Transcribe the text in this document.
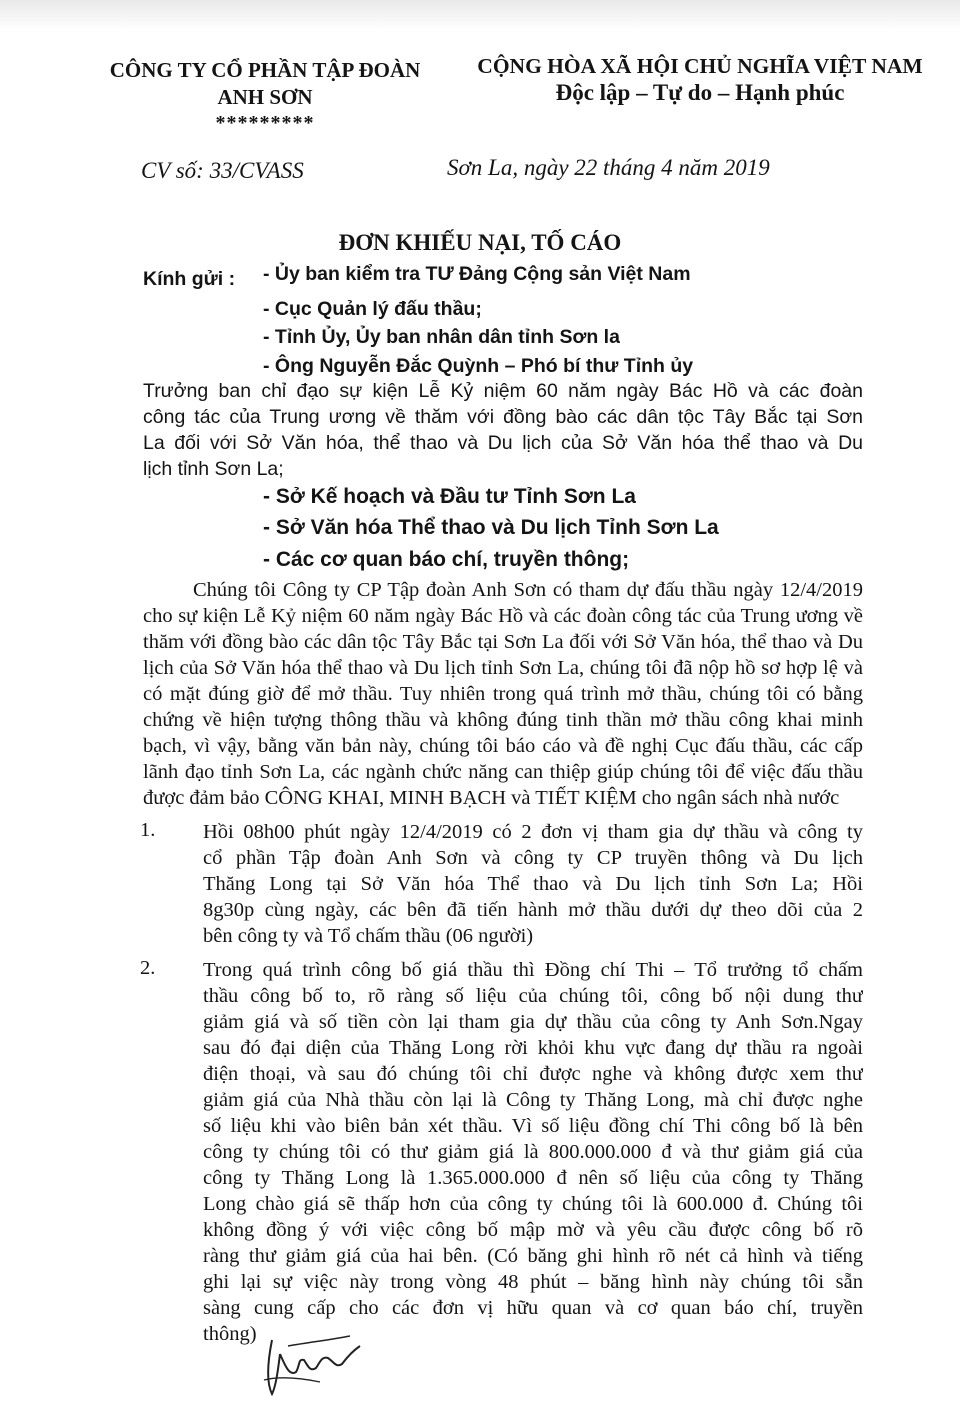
CÔNG TY CỔ PHẦN TẬP ĐOÀN
ANH SƠN
*********
CỘNG HÒA XÃ HỘI CHỦ NGHĨA VIỆT NAM
Độc lập – Tự do – Hạnh phúc
CV số: 33/CVASS	Sơn La, ngày 22 tháng 4 năm 2019
ĐƠN KHIẾU NẠI, TỐ CÁO
Kính gửi : - Ủy ban kiểm tra TƯ Đảng Cộng sản Việt Nam
- Cục Quản lý đấu thầu;
- Tỉnh Ủy, Ủy ban nhân dân tỉnh Sơn la
- Ông Nguyễn Đắc Quỳnh – Phó bí thư Tỉnh ủy
Trưởng ban chỉ đạo sự kiện Lễ Kỷ niệm 60 năm ngày Bác Hồ và các đoàn
công tác của Trung ương về thăm với đồng bào các dân tộc Tây Bắc tại Sơn
La đối với Sở Văn hóa, thể thao và Du lịch của Sở Văn hóa thể thao và Du
lịch tỉnh Sơn La;
- Sở Kế hoạch và Đầu tư Tỉnh Sơn La
- Sở Văn hóa Thể thao và Du lịch Tỉnh Sơn La
- Các cơ quan báo chí, truyền thông;
Chúng tôi Công ty CP Tập đoàn Anh Sơn có tham dự đấu thầu ngày 12/4/2019
cho sự kiện Lễ Kỷ niệm 60 năm ngày Bác Hồ và các đoàn công tác của Trung ương về
thăm với đồng bào các dân tộc Tây Bắc tại Sơn La đối với Sở Văn hóa, thể thao và Du
lịch của Sở Văn hóa thể thao và Du lịch tỉnh Sơn La, chúng tôi đã nộp hồ sơ hợp lệ và
có mặt đúng giờ để mở thầu. Tuy nhiên trong quá trình mở thầu, chúng tôi có bằng
chứng về hiện tượng thông thầu và không đúng tinh thần mở thầu công khai minh
bạch, vì vậy, bằng văn bản này, chúng tôi báo cáo và đề nghị Cục đấu thầu, các cấp
lãnh đạo tỉnh Sơn La, các ngành chức năng can thiệp giúp chúng tôi để việc đấu thầu
được đảm bảo CÔNG KHAI, MINH BẠCH và TIẾT KIỆM cho ngân sách nhà nước
1. Hồi 08h00 phút ngày 12/4/2019 có 2 đơn vị tham gia dự thầu và công ty
cổ phần Tập đoàn Anh Sơn và công ty CP truyền thông và Du lịch
Thăng Long tại Sở Văn hóa Thể thao và Du lịch tỉnh Sơn La; Hồi
8g30p cùng ngày, các bên đã tiến hành mở thầu dưới dự theo dõi của 2
bên công ty và Tổ chấm thầu (06 người)
2. Trong quá trình công bố giá thầu thì Đồng chí Thi – Tổ trưởng tổ chấm
thầu công bố to, rõ ràng số liệu của chúng tôi, công bố nội dung thư
giảm giá và số tiền còn lại tham gia dự thầu của công ty Anh Sơn.Ngay
sau đó đại diện của Thăng Long rời khỏi khu vực đang dự thầu ra ngoài
điện thoại, và sau đó chúng tôi chỉ được nghe và không được xem thư
giảm giá của Nhà thầu còn lại là Công ty Thăng Long, mà chỉ được nghe
số liệu khi vào biên bản xét thầu. Vì số liệu đồng chí Thi công bố là bên
công ty chúng tôi có thư giảm giá là 800.000.000 đ và thư giảm giá của
công ty Thăng Long là 1.365.000.000 đ nên số liệu của công ty Thăng
Long chào giá sẽ thấp hơn của công ty chúng tôi là 600.000 đ. Chúng tôi
không đồng ý với việc công bố mập mờ và yêu cầu được công bố rõ
ràng thư giảm giá của hai bên. (Có băng ghi hình rõ nét cả hình và tiếng
ghi lại sự việc này trong vòng 48 phút – băng hình này chúng tôi sẵn
sàng cung cấp cho các đơn vị hữu quan và cơ quan báo chí, truyền
thông)
